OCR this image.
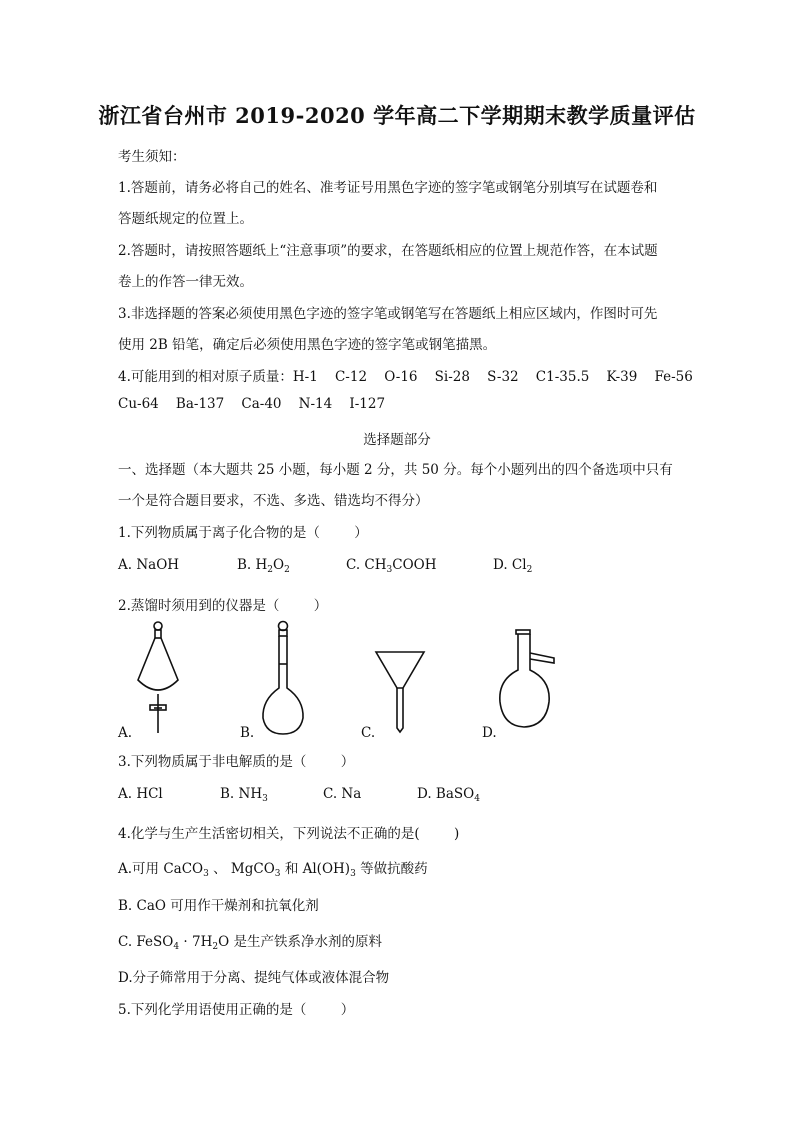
浙江省台州市 2019-2020 学年高二下学期期末教学质量评估
考生须知：
1.答题前，请务必将自己的姓名、准考证号用黑色字迹的签字笔或钢笔分别填写在试题卷和
答题纸规定的位置上。
2.答题时，请按照答题纸上“注意事项”的要求，在答题纸相应的位置上规范作答，在本试题
卷上的作答一律无效。
3.非选择题的答案必须使用黑色字迹的签字笔或钢笔写在答题纸上相应区域内，作图时可先
使用 2B 铅笔，确定后必须使用黑色字迹的签字笔或钢笔描黑。
4.可能用到的相对原子质量：H-1    C-12    O-16    Si-28    S-32    C1-35.5    K-39    Fe-56
Cu-64    Ba-137    Ca-40    N-14    I-127
选择题部分
一、选择题（本大题共 25 小题，每小题 2 分，共 50 分。每个小题列出的四个备选项中只有
一个是符合题目要求，不选、多选、错选均不得分）
1.下列物质属于离子化合物的是（        ）
A. NaOH	B. $H_2O_2$	C. $CH_3COOH$	D. $Cl_2$
2.蒸馏时须用到的仪器是（        ）
A.	B.	C.	D.
3.下列物质属于非电解质的是（        ）
A. HCl	B. $NH_3$	C. Na	D. BaSO$_4$
4.化学与生产生活密切相关，下列说法不正确的是(        )
A.可用 CaCO$_3$ 、 MgCO$_3$ 和 $Al(OH)_3$ 等做抗酸药
B. CaO 可用作干燥剂和抗氧化剂
C. FeSO$_4$ · $7H_2O$ 是生产铁系净水剂的原料
D.分子筛常用于分离、提纯气体或液体混合物
5.下列化学用语使用正确的是（        ）
